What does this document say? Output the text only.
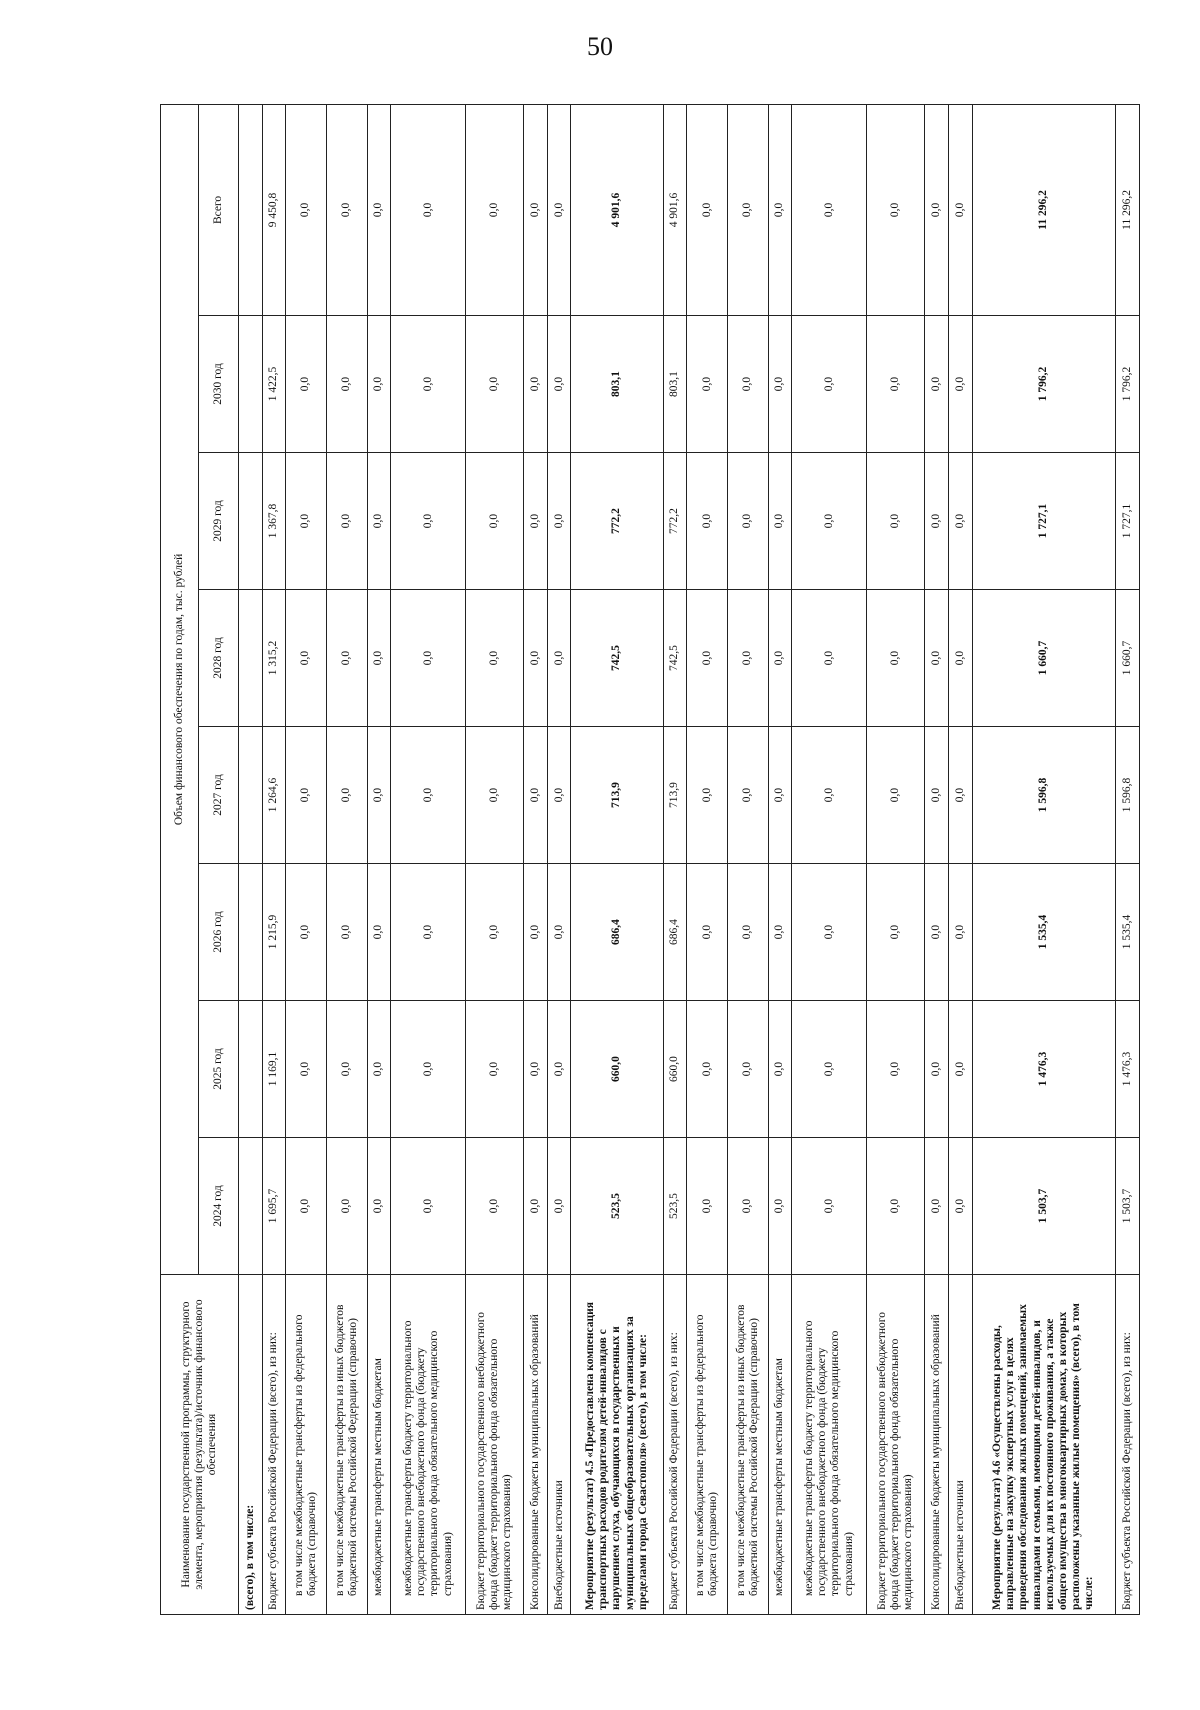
50
Наименование государственной программы, структурного элемента, мероприятия (результата)/источник финансового обеспечения	Объем финансового обеспечения по годам, тыс. рублей							
	2024 год	2025 год	2026 год	2027 год	2028 год	2029 год	2030 год	Всего
(всего), в том числе:								
Бюджет субъекта Российской Федерации (всего), из них:	1 695,7	1 169,1	1 215,9	1 264,6	1 315,2	1 367,8	1 422,5	9 450,8
в том числе межбюджетные трансферты из федерального бюджета (справочно)	0,0	0,0	0,0	0,0	0,0	0,0	0,0	0,0
в том числе межбюджетные трансферты из иных бюджетов бюджетной системы Российской Федерации (справочно)	0,0	0,0	0,0	0,0	0,0	0,0	0,0	0,0
межбюджетные трансферты местным бюджетам	0,0	0,0	0,0	0,0	0,0	0,0	0,0	0,0
межбюджетные трансферты бюджету территориального государственного внебюджетного фонда (бюджету территориального фонда обязательного медицинского страхования)	0,0	0,0	0,0	0,0	0,0	0,0	0,0	0,0
Бюджет территориального государственного внебюджетного фонда (бюджет территориального фонда обязательного медицинского страхования)	0,0	0,0	0,0	0,0	0,0	0,0	0,0	0,0
Консолидированные бюджеты муниципальных образований	0,0	0,0	0,0	0,0	0,0	0,0	0,0	0,0
Внебюджетные источники	0,0	0,0	0,0	0,0	0,0	0,0	0,0	0,0
Мероприятие (результат) 4.5 «Предоставлена компенсация транспортных расходов родителям детей-инвалидов с нарушением слуха, обучающихся в государственных и муниципальных общеобразовательных организациях за пределами города Севастополя» (всего), в том числе:	523,5	660,0	686,4	713,9	742,5	772,2	803,1	4 901,6
Бюджет субъекта Российской Федерации (всего), из них:	523,5	660,0	686,4	713,9	742,5	772,2	803,1	4 901,6
в том числе межбюджетные трансферты из федерального бюджета (справочно)	0,0	0,0	0,0	0,0	0,0	0,0	0,0	0,0
в том числе межбюджетные трансферты из иных бюджетов бюджетной системы Российской Федерации (справочно)	0,0	0,0	0,0	0,0	0,0	0,0	0,0	0,0
межбюджетные трансферты местным бюджетам	0,0	0,0	0,0	0,0	0,0	0,0	0,0	0,0
межбюджетные трансферты бюджету территориального государственного внебюджетного фонда (бюджету территориального фонда обязательного медицинского страхования)	0,0	0,0	0,0	0,0	0,0	0,0	0,0	0,0
Бюджет территориального государственного внебюджетного фонда (бюджет территориального фонда обязательного медицинского страхования)	0,0	0,0	0,0	0,0	0,0	0,0	0,0	0,0
Консолидированные бюджеты муниципальных образований	0,0	0,0	0,0	0,0	0,0	0,0	0,0	0,0
Внебюджетные источники	0,0	0,0	0,0	0,0	0,0	0,0	0,0	0,0
Мероприятие (результат) 4.6 «Осуществлены расходы, направленные на закупку экспертных услуг в целях проведения обследования жилых помещений, занимаемых инвалидами и семьями, имеющими детей-инвалидов, и используемых для их постоянного проживания, а также общего имущества в многоквартирных домах, в которых расположены указанные жилые помещения» (всего), в том числе:	1 503,7	1 476,3	1 535,4	1 596,8	1 660,7	1 727,1	1 796,2	11 296,2
Бюджет субъекта Российской Федерации (всего), из них:	1 503,7	1 476,3	1 535,4	1 596,8	1 660,7	1 727,1	1 796,2	11 296,2
